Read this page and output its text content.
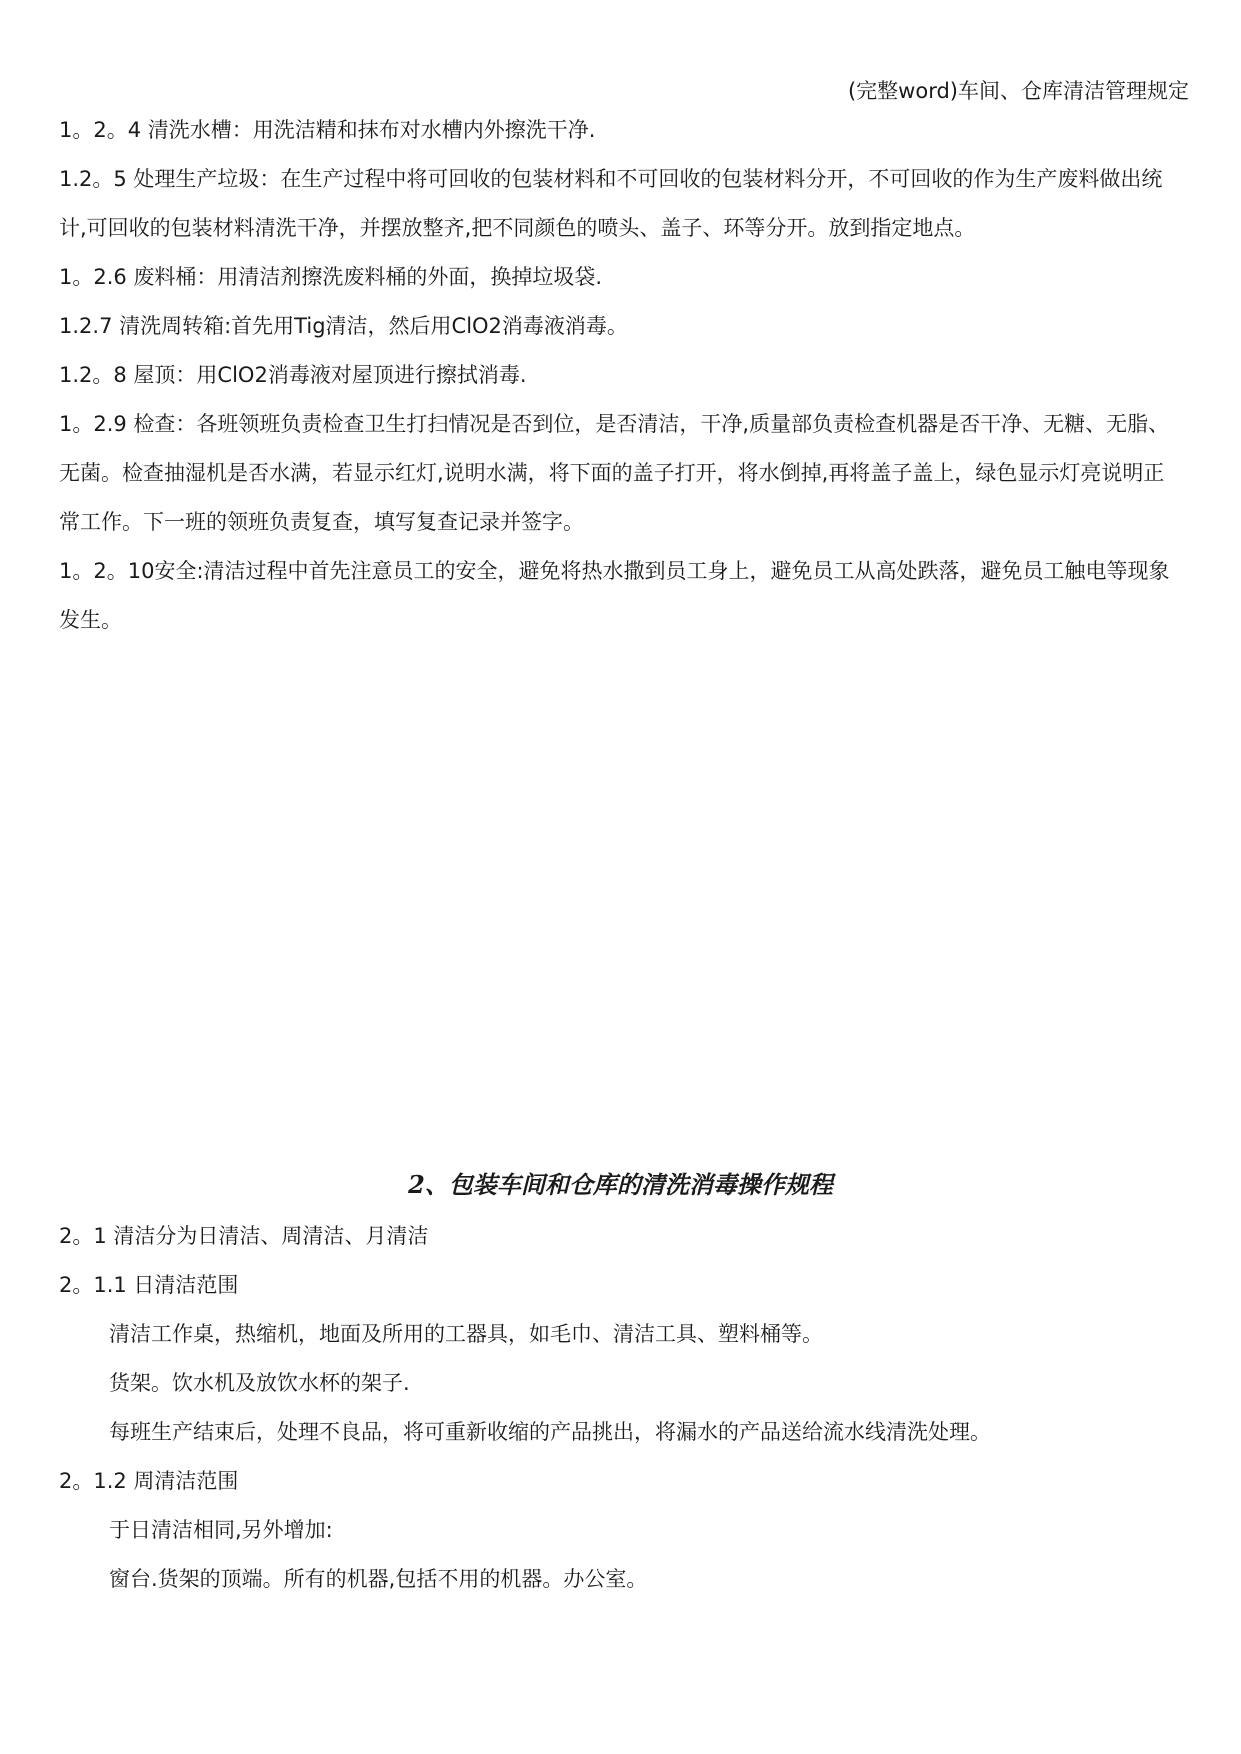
(完整word)车间、仓库清洁管理规定

1。2。4 清洗水槽：用洗洁精和抹布对水槽内外擦洗干净.

1.2。5 处理生产垃圾：在生产过程中将可回收的包装材料和不可回收的包装材料分开，不可回收的作为生产废料做出统计,可回收的包装材料清洗干净，并摆放整齐,把不同颜色的喷头、盖子、环等分开。放到指定地点。

1。2.6 废料桶：用清洁剂擦洗废料桶的外面，换掉垃圾袋.

1.2.7 清洗周转箱:首先用Tig清洁，然后用ClO2消毒液消毒。

1.2。8 屋顶：用ClO2消毒液对屋顶进行擦拭消毒.

1。2.9 检查：各班领班负责检查卫生打扫情况是否到位，是否清洁，干净,质量部负责检查机器是否干净、无糖、无脂、无菌。检查抽湿机是否水满，若显示红灯,说明水满，将下面的盖子打开，将水倒掉,再将盖子盖上，绿色显示灯亮说明正常工作。下一班的领班负责复查，填写复查记录并签字。

1。2。10安全:清洁过程中首先注意员工的安全，避免将热水撒到员工身上，避免员工从高处跌落，避免员工触电等现象发生。

2、包装车间和仓库的清洗消毒操作规程

2。1 清洁分为日清洁、周清洁、月清洁

2。1.1 日清洁范围

清洁工作桌，热缩机，地面及所用的工器具，如毛巾、清洁工具、塑料桶等。

货架。饮水机及放饮水杯的架子.

每班生产结束后，处理不良品，将可重新收缩的产品挑出，将漏水的产品送给流水线清洗处理。

2。1.2 周清洁范围

于日清洁相同,另外增加:

窗台.货架的顶端。所有的机器,包括不用的机器。办公室。
